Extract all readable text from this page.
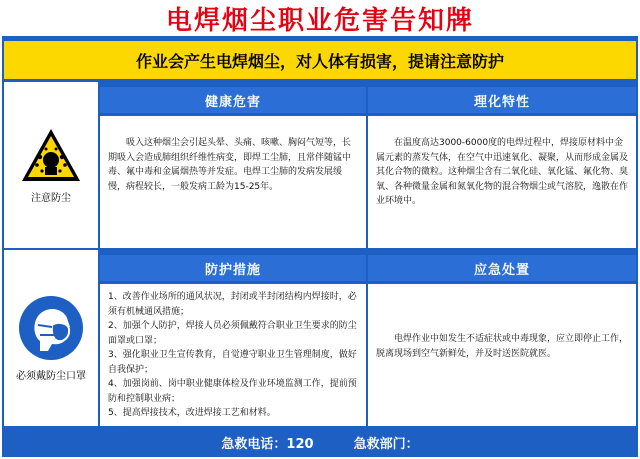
电焊烟尘职业危害告知牌
作业会产生电焊烟尘，对人体有损害，提请注意防护
注意防尘
必须戴防尘口罩
健康危害

吸入这种烟尘会引起头晕、头痛、咳嗽、胸闷气短等，长期吸入会造成肺组织纤维性病变，即焊工尘肺，且常伴随锰中毒、氟中毒和金属烟热等并发症。电焊工尘肺的发病发展缓慢，病程较长，一般发病工龄为15-25年。

理化特性

在温度高达3000-6000度的电焊过程中，焊接原材料中金属元素的蒸发气体，在空气中迅速氧化、凝聚，从而形成金属及其化合物的微粒。这种烟尘含有二氧化硅、氧化锰、氟化物、臭氧、各种微量金属和氮氧化物的混合物烟尘或气溶胶，逸散在作业环境中。

防护措施
1、改善作业场所的通风状况，封闭或半封闭结构内焊接时，必须有机械通风措施；
2、加强个人防护，焊接人员必须佩戴符合职业卫生要求的防尘面罩或口罩；
3、强化职业卫生宣传教育，自觉遵守职业卫生管理制度，做好自我保护；
4、加强岗前、岗中职业健康体检及作业环境监测工作，提前预防和控制职业病；
5、提高焊接技术，改进焊接工艺和材料。
应急处置

电焊作业中如发生不适症状或中毒现象，应立即停止工作，脱离现场到空气新鲜处，并及时送医院就医。

急救电话：120	急救部门：
